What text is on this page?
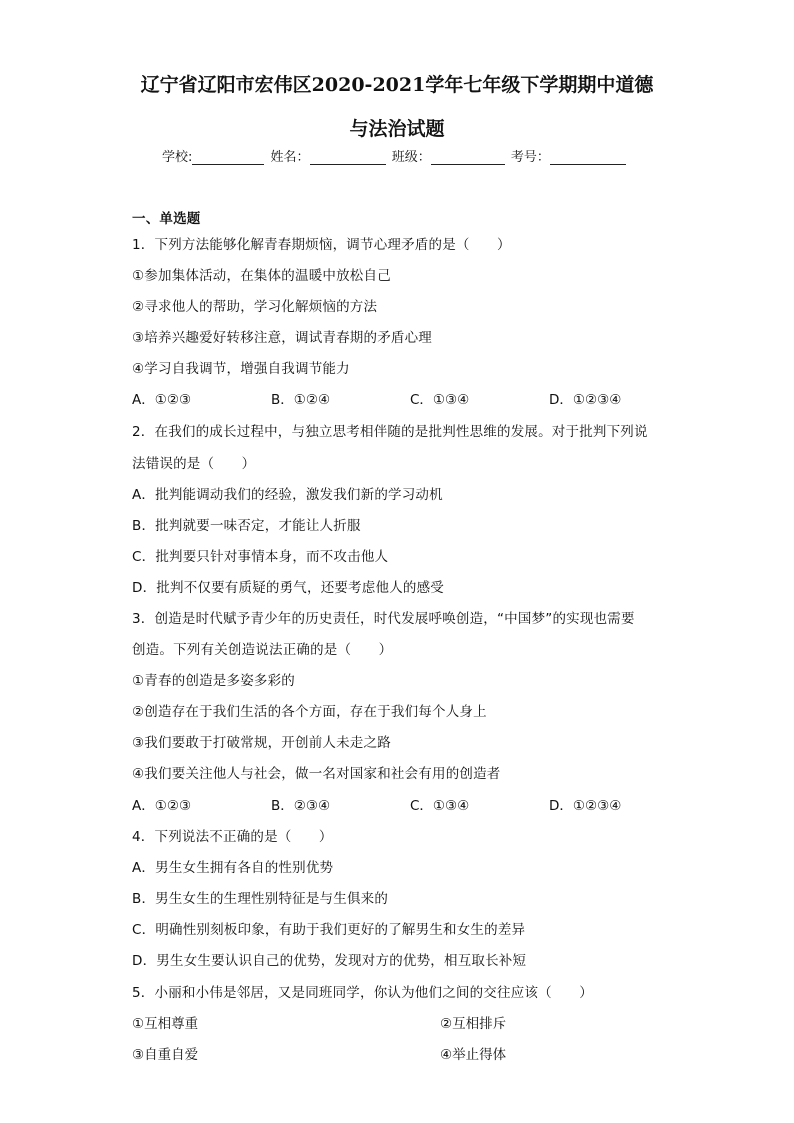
辽宁省辽阳市宏伟区2020-2021学年七年级下学期期中道德
与法治试题
学校:	姓名：	班级：	考号：
一、单选题
1．下列方法能够化解青春期烦恼，调节心理矛盾的是（　　）
①参加集体活动，在集体的温暖中放松自己
②寻求他人的帮助，学习化解烦恼的方法
③培养兴趣爱好转移注意，调试青春期的矛盾心理
④学习自我调节，增强自我调节能力
A．①②③	B．①②④	C．①③④	D．①②③④
2．在我们的成长过程中，与独立思考相伴随的是批判性思维的发展。对于批判下列说
法错误的是（　　）
A．批判能调动我们的经验，激发我们新的学习动机
B．批判就要一味否定，才能让人折服
C．批判要只针对事情本身，而不攻击他人
D．批判不仅要有质疑的勇气，还要考虑他人的感受
3．创造是时代赋予青少年的历史责任，时代发展呼唤创造，“中国梦”的实现也需要
创造。下列有关创造说法正确的是（　　）
①青春的创造是多姿多彩的
②创造存在于我们生活的各个方面，存在于我们每个人身上
③我们要敢于打破常规，开创前人未走之路
④我们要关注他人与社会，做一名对国家和社会有用的创造者
A．①②③	B．②③④	C．①③④	D．①②③④
4．下列说法不正确的是（　　）
A．男生女生拥有各自的性别优势
B．男生女生的生理性别特征是与生俱来的
C．明确性别刻板印象，有助于我们更好的了解男生和女生的差异
D．男生女生要认识自己的优势，发现对方的优势，相互取长补短
5．小丽和小伟是邻居，又是同班同学，你认为他们之间的交往应该（　　）
①互相尊重	②互相排斥
③自重自爱	④举止得体
